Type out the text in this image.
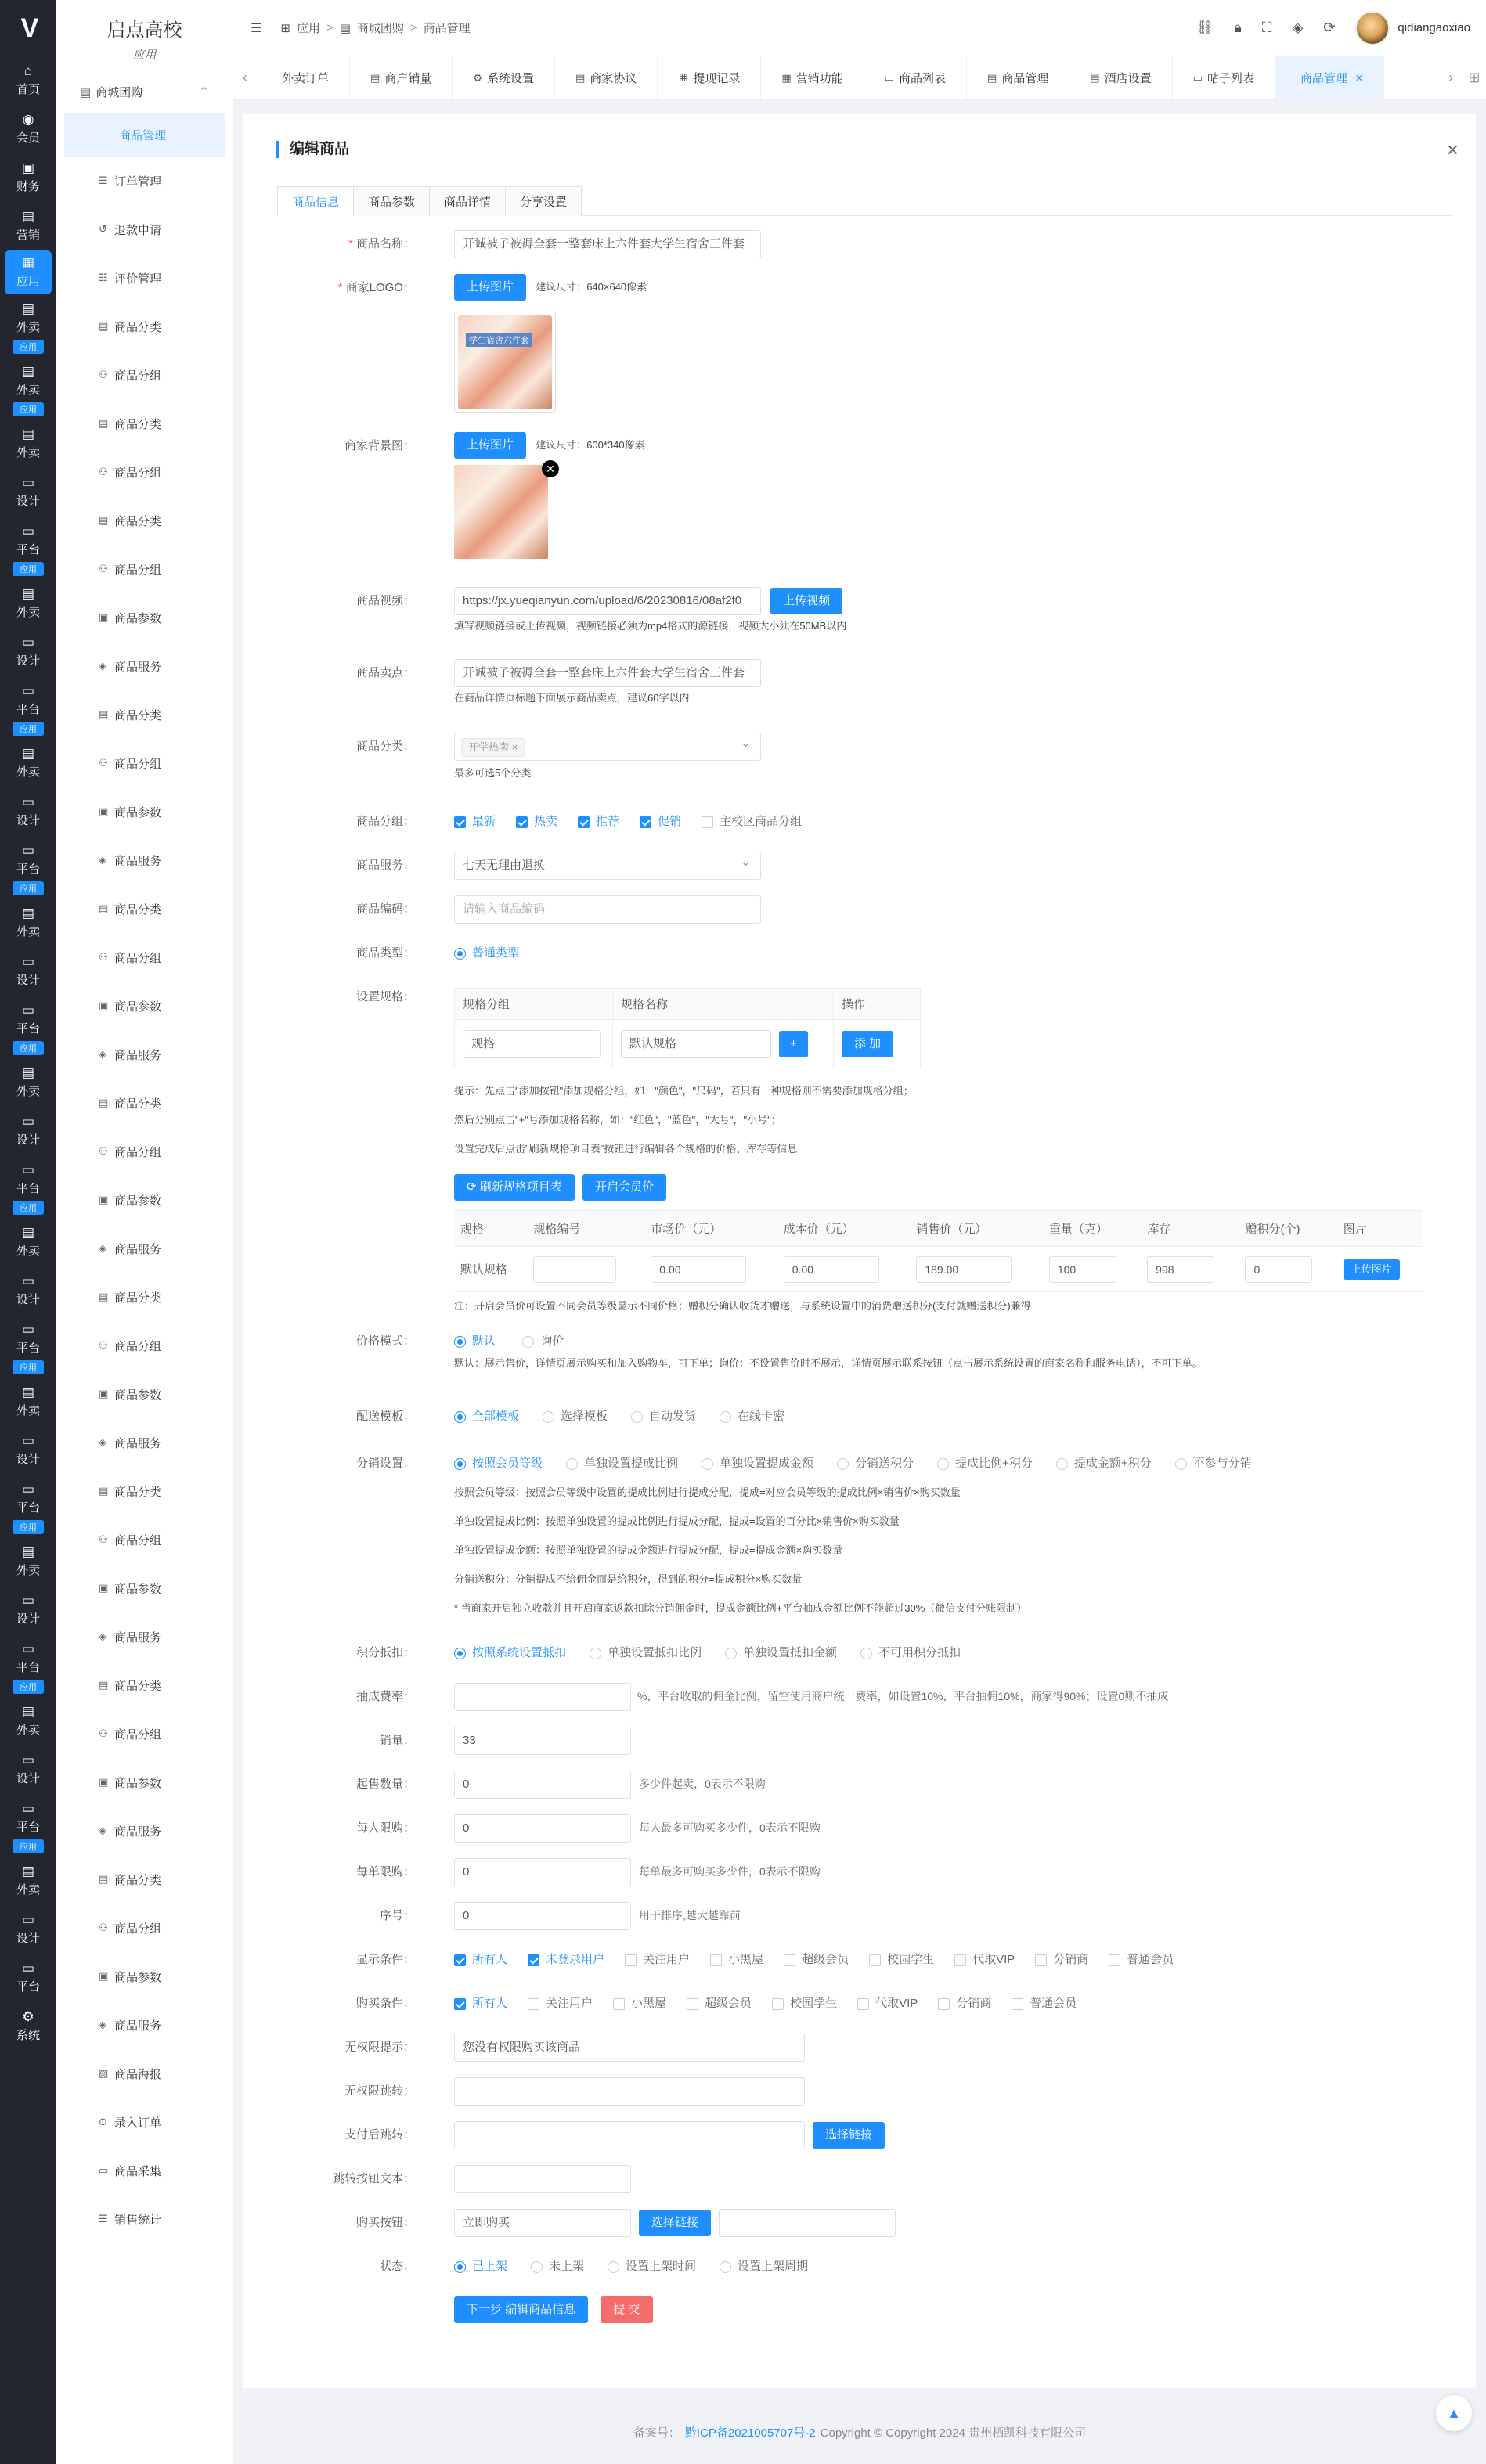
V
⌂
首页
◉
会员
▣
财务
▤
营销
▦
应用
▤
外卖
应用
▤
外卖
应用
▤
外卖
▭
设计
▭
平台
应用
▤
外卖
▭
设计
▭
平台
应用
▤
外卖
▭
设计
▭
平台
应用
▤
外卖
▭
设计
▭
平台
应用
▤
外卖
▭
设计
▭
平台
应用
▤
外卖
▭
设计
▭
平台
应用
▤
外卖
▭
设计
▭
平台
应用
▤
外卖
▭
设计
▭
平台
应用
▤
外卖
▭
设计
▭
平台
应用
▤
外卖
▭
设计
▭
平台
⚙
系统
启点高校
应用
▤ 商城团购	⌃
商品管理
☰ 订单管理
↺ 退款申请
☷ 评价管理
▤ 商品分类
⚇ 商品分组
▤ 商品分类
⚇ 商品分组
▤ 商品分类
⚇ 商品分组
▣ 商品参数
◈ 商品服务
▤ 商品分类
⚇ 商品分组
▣ 商品参数
◈ 商品服务
▤ 商品分类
⚇ 商品分组
▣ 商品参数
◈ 商品服务
▤ 商品分类
⚇ 商品分组
▣ 商品参数
◈ 商品服务
▤ 商品分类
⚇ 商品分组
▣ 商品参数
◈ 商品服务
▤ 商品分类
⚇ 商品分组
▣ 商品参数
◈ 商品服务
▤ 商品分类
⚇ 商品分组
▣ 商品参数
◈ 商品服务
▤ 商品分类
⚇ 商品分组
▣ 商品参数
◈ 商品服务
▧ 商品海报
⊙ 录入订单
▭ 商品采集
☰ 销售统计
☰ ⊞ 应用 > ▤ 商城团购 > 商品管理	⛓ 🔒︎ ⛶ ◈ ⟳	qidiangaoxiao
‹	外卖订单	▤ 商户销量	⚙ 系统设置	▤ 商家协议	⌘ 提现记录	▦ 营销功能	▭ 商品列表	▤ 商品管理	▤ 酒店设置	▭ 帖子列表	商品管理 ✕	›	⊞
编辑商品	×
商品信息	商品参数	商品详情	分享设置
* 商品名称：	开诚被子被褥全套一整套床上六件套大学生宿舍三件套
* 商家LOGO：	上传图片 建议尺寸：640×640像素
学生宿舍六件套
商家背景图：	上传图片 建议尺寸：600*340像素
✕
商品视频：	https://jx.yueqianyun.com/upload/6/20230816/08af2f0	上传视频
填写视频链接或上传视频，视频链接必须为mp4格式的源链接，视频大小须在50MB以内
商品卖点：	开诚被子被褥全套一整套床上六件套大学生宿舍三件套
在商品详情页标题下面展示商品卖点，建议60字以内
商品分类：	开学热卖 × ⌄
最多可选5个分类
商品分组：	最新	热卖	推荐	促销	主校区商品分组
商品服务：	七天无理由退换 ⌄
商品编码：	请输入商品编码
商品类型：	普通类型
设置规格：
规格分组	规格名称	操作
规格	默认规格 +	添 加
提示：先点击"添加按钮"添加规格分组，如："颜色"，"尺码"，若只有一种规格则不需要添加规格分组；
然后分别点击"+"号添加规格名称，如："红色"，"蓝色"，"大号"，"小号"；
设置完成后点击"刷新规格项目表"按钮进行编辑各个规格的价格、库存等信息
⟳ 刷新规格项目表	开启会员价
规格	规格编号	市场价（元）	成本价（元）	销售价（元）	重量（克）	库存	赠积分(个)	图片
默认规格		0.00	0.00	189.00	100	998	0	上传图片
注：开启会员价可设置不同会员等级显示不同价格；赠积分确认收货才赠送，与系统设置中的消费赠送积分(支付就赠送积分)兼得
价格模式：	默认
	询价
默认：展示售价，详情页展示购买和加入购物车，可下单；询价：不设置售价时不展示，详情页展示联系按钮（点击展示系统设置的商家名称和服务电话），不可下单。
配送模板：	全部模板	选择模板	自动发货	在线卡密
分销设置：	按照会员等级	单独设置提成比例	单独设置提成金额	分销送积分	提成比例+积分	提成金额+积分	不参与分销
按照会员等级：按照会员等级中设置的提成比例进行提成分配，提成=对应会员等级的提成比例×销售价×购买数量
单独设置提成比例：按照单独设置的提成比例进行提成分配，提成=设置的百分比×销售价×购买数量
单独设置提成金额：按照单独设置的提成金额进行提成分配，提成=提成金额×购买数量
分销送积分：分销提成不给佣金而是给积分，得到的积分=提成积分×购买数量
* 当商家开启独立收款并且开启商家返款扣除分销佣金时，提成金额比例+平台抽成金额比例不能超过30%（微信支付分账限制）
积分抵扣：	按照系统设置抵扣	单独设置抵扣比例	单独设置抵扣金额	不可用积分抵扣
抽成费率：	%，平台收取的佣金比例，留空使用商户统一费率，如设置10%，平台抽佣10%，商家得90%；设置0则不抽成
销量：	33
起售数量：	0	多少件起卖，0表示不限购
每人限购：	0	每人最多可购买多少件，0表示不限购
每单限购：	0	每单最多可购买多少件，0表示不限购
序号：	0	用于排序,越大越靠前
显示条件：	所有人	未登录用户	关注用户	小黑屋	超级会员	校园学生	代取VIP	分销商	普通会员
购买条件：	所有人	关注用户	小黑屋	超级会员	校园学生	代取VIP	分销商	普通会员
无权限提示：	您没有权限购买该商品
无权限跳转：
支付后跳转：	选择链接
跳转按钮文本：
购买按钮：	立即购买	选择链接
状态：	已上架	未上架	设置上架时间	设置上架周期
下一步 编辑商品信息	提 交
备案号： 黔ICP备2021005707号-2 Copyright © Copyright 2024 贵州栖凯科技有限公司
▲
